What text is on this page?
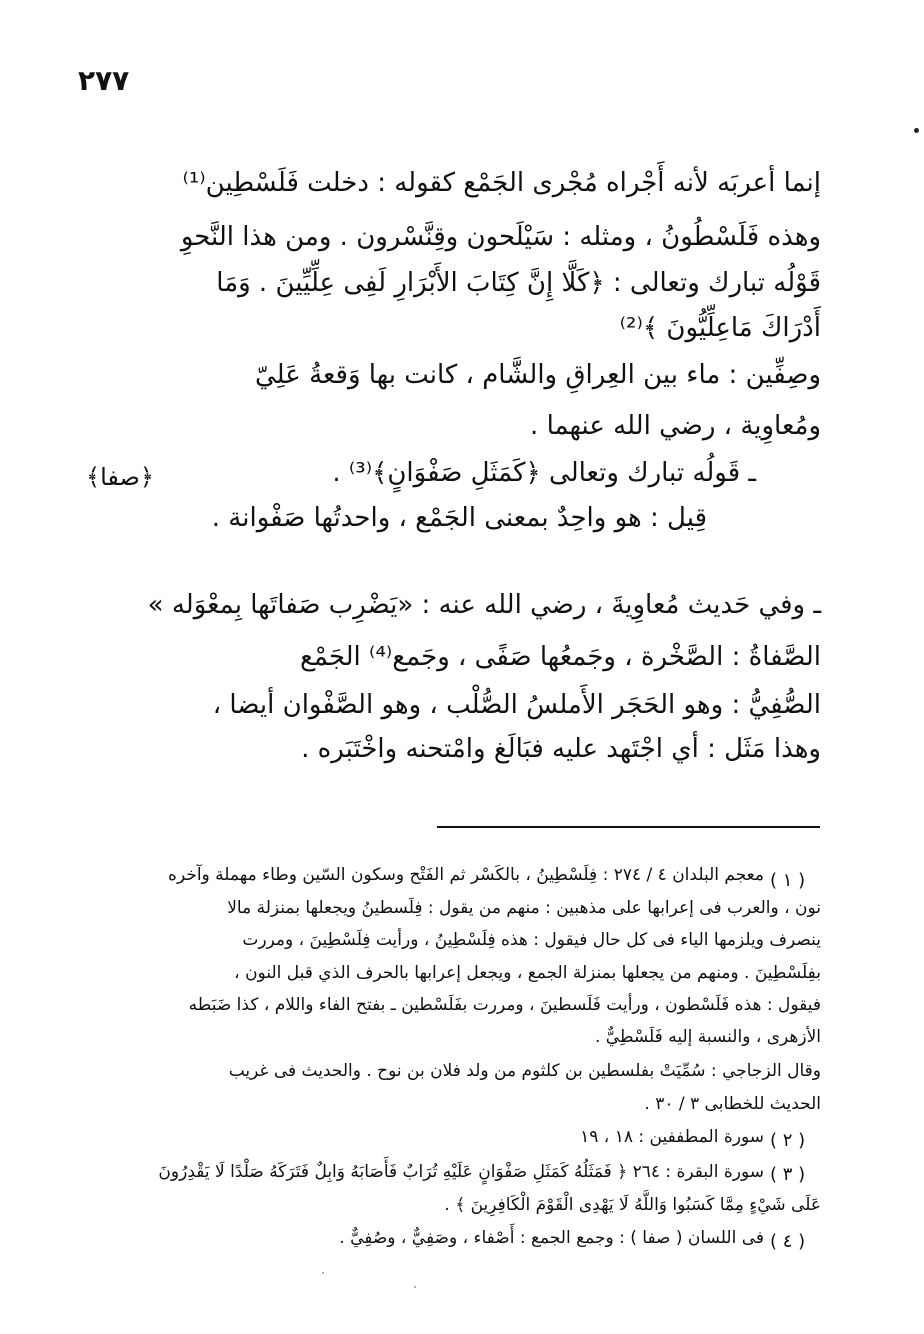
٢٧٧
إنما أعربَه لأنه أَجْراه مُجْرى الجَمْع كقوله : دخلت فَلَسْطِين⁽¹⁾
وهذه فَلَسْطُونُ ، ومثله : سَيْلَحون وقِنَّسْرون . ومن هذا النَّحوِ
قَوْلُه تبارك وتعالى : ﴿كَلَّا إِنَّ كِتَابَ الأَبْرَارِ لَفِى عِلِّيِّينَ . وَمَا
أَدْرَاكَ مَاعِلِّيُّونَ ﴾⁽²⁾
وصِفِّين : ماء بين العِراقِ والشَّام ، كانت بها وَقعةُ عَلِيّ
ومُعاوِية ، رضي الله عنهما .
﴿صفا﴾	ـ قَولُه تبارك وتعالى ﴿كَمَثَلِ صَفْوَانٍ﴾⁽³⁾ .
قِيل : هو واحِدٌ بمعنى الجَمْع ، واحدتُها صَفْوانة .
ـ وفي حَديث مُعاوِيةَ ، رضي الله عنه : «يَضْرِب صَفاتَها بِمعْوَله »
الصَّفاةُ : الصَّخْرة ، وجَمعُها صَفًى ، وجَمع⁽⁴⁾ الجَمْع
الصُّفِيُّ : وهو الحَجَر الأَملسُ الصُّلْب ، وهو الصَّفْوان أيضا ،
وهذا مَثَل : أي اجْتَهد عليه فبَالَغ وامْتحنه واخْتَبَره .
( ١ )
( ٢ )
( ٣ )
( ٤ )
معجم البلدان ٤ / ٢٧٤ : فِلَسْطِينُ ، بالكَسْر ثم الفَتْح وسكون السّين وطاء مهملة وآخره
نون ، والعرب فى إعرابها على مذهبين : منهم من يقول : فِلَسطينُ ويجعلها بمنزلة مالا
ينصرف ويلزمها الياء فى كل حال فيقول : هذه فِلَسْطِينُ ، ورأيت فِلَسْطِينَ ، ومررت
بفِلَسْطِينَ . ومنهم من يجعلها بمنزلة الجمع ، ويجعل إعرابها بالحرف الذي قبل النون ،
فيقول : هذه فَلَسْطون ، ورأيت فَلَسطينَ ، ومررت بفَلَسْطين ـ بفتح الفاء واللام ، كذا ضَبَطه
الأزهرى ، والنسبة إليه فَلَسْطِيٌّ .
وقال الزجاجي : سُمِّيَتْ بفلسطين بن كلثوم من ولد فلان بن نوح . والحديث فى غريب
الحديث للخطابى ٣ / ٣٠ .
سورة المطففين : ١٨ ، ١٩
سورة البقرة : ٢٦٤ ﴿ فَمَثَلُهُ كَمَثَلِ صَفْوَانٍ عَلَيْهِ تُرَابٌ فَأَصَابَهُ وَابِلٌ فَتَرَكَهُ صَلْدًا لَا يَقْدِرُونَ
عَلَى شَيْءٍ مِمَّا كَسَبُوا وَاللَّهُ لَا يَهْدِى الْقَوْمَ الْكَافِرِينَ ﴾ .
فى اللسان ( صفا ) : وجمع الجمع : أَصْفاء ، وصَفِيٌّ ، وصُفِيٌّ .
